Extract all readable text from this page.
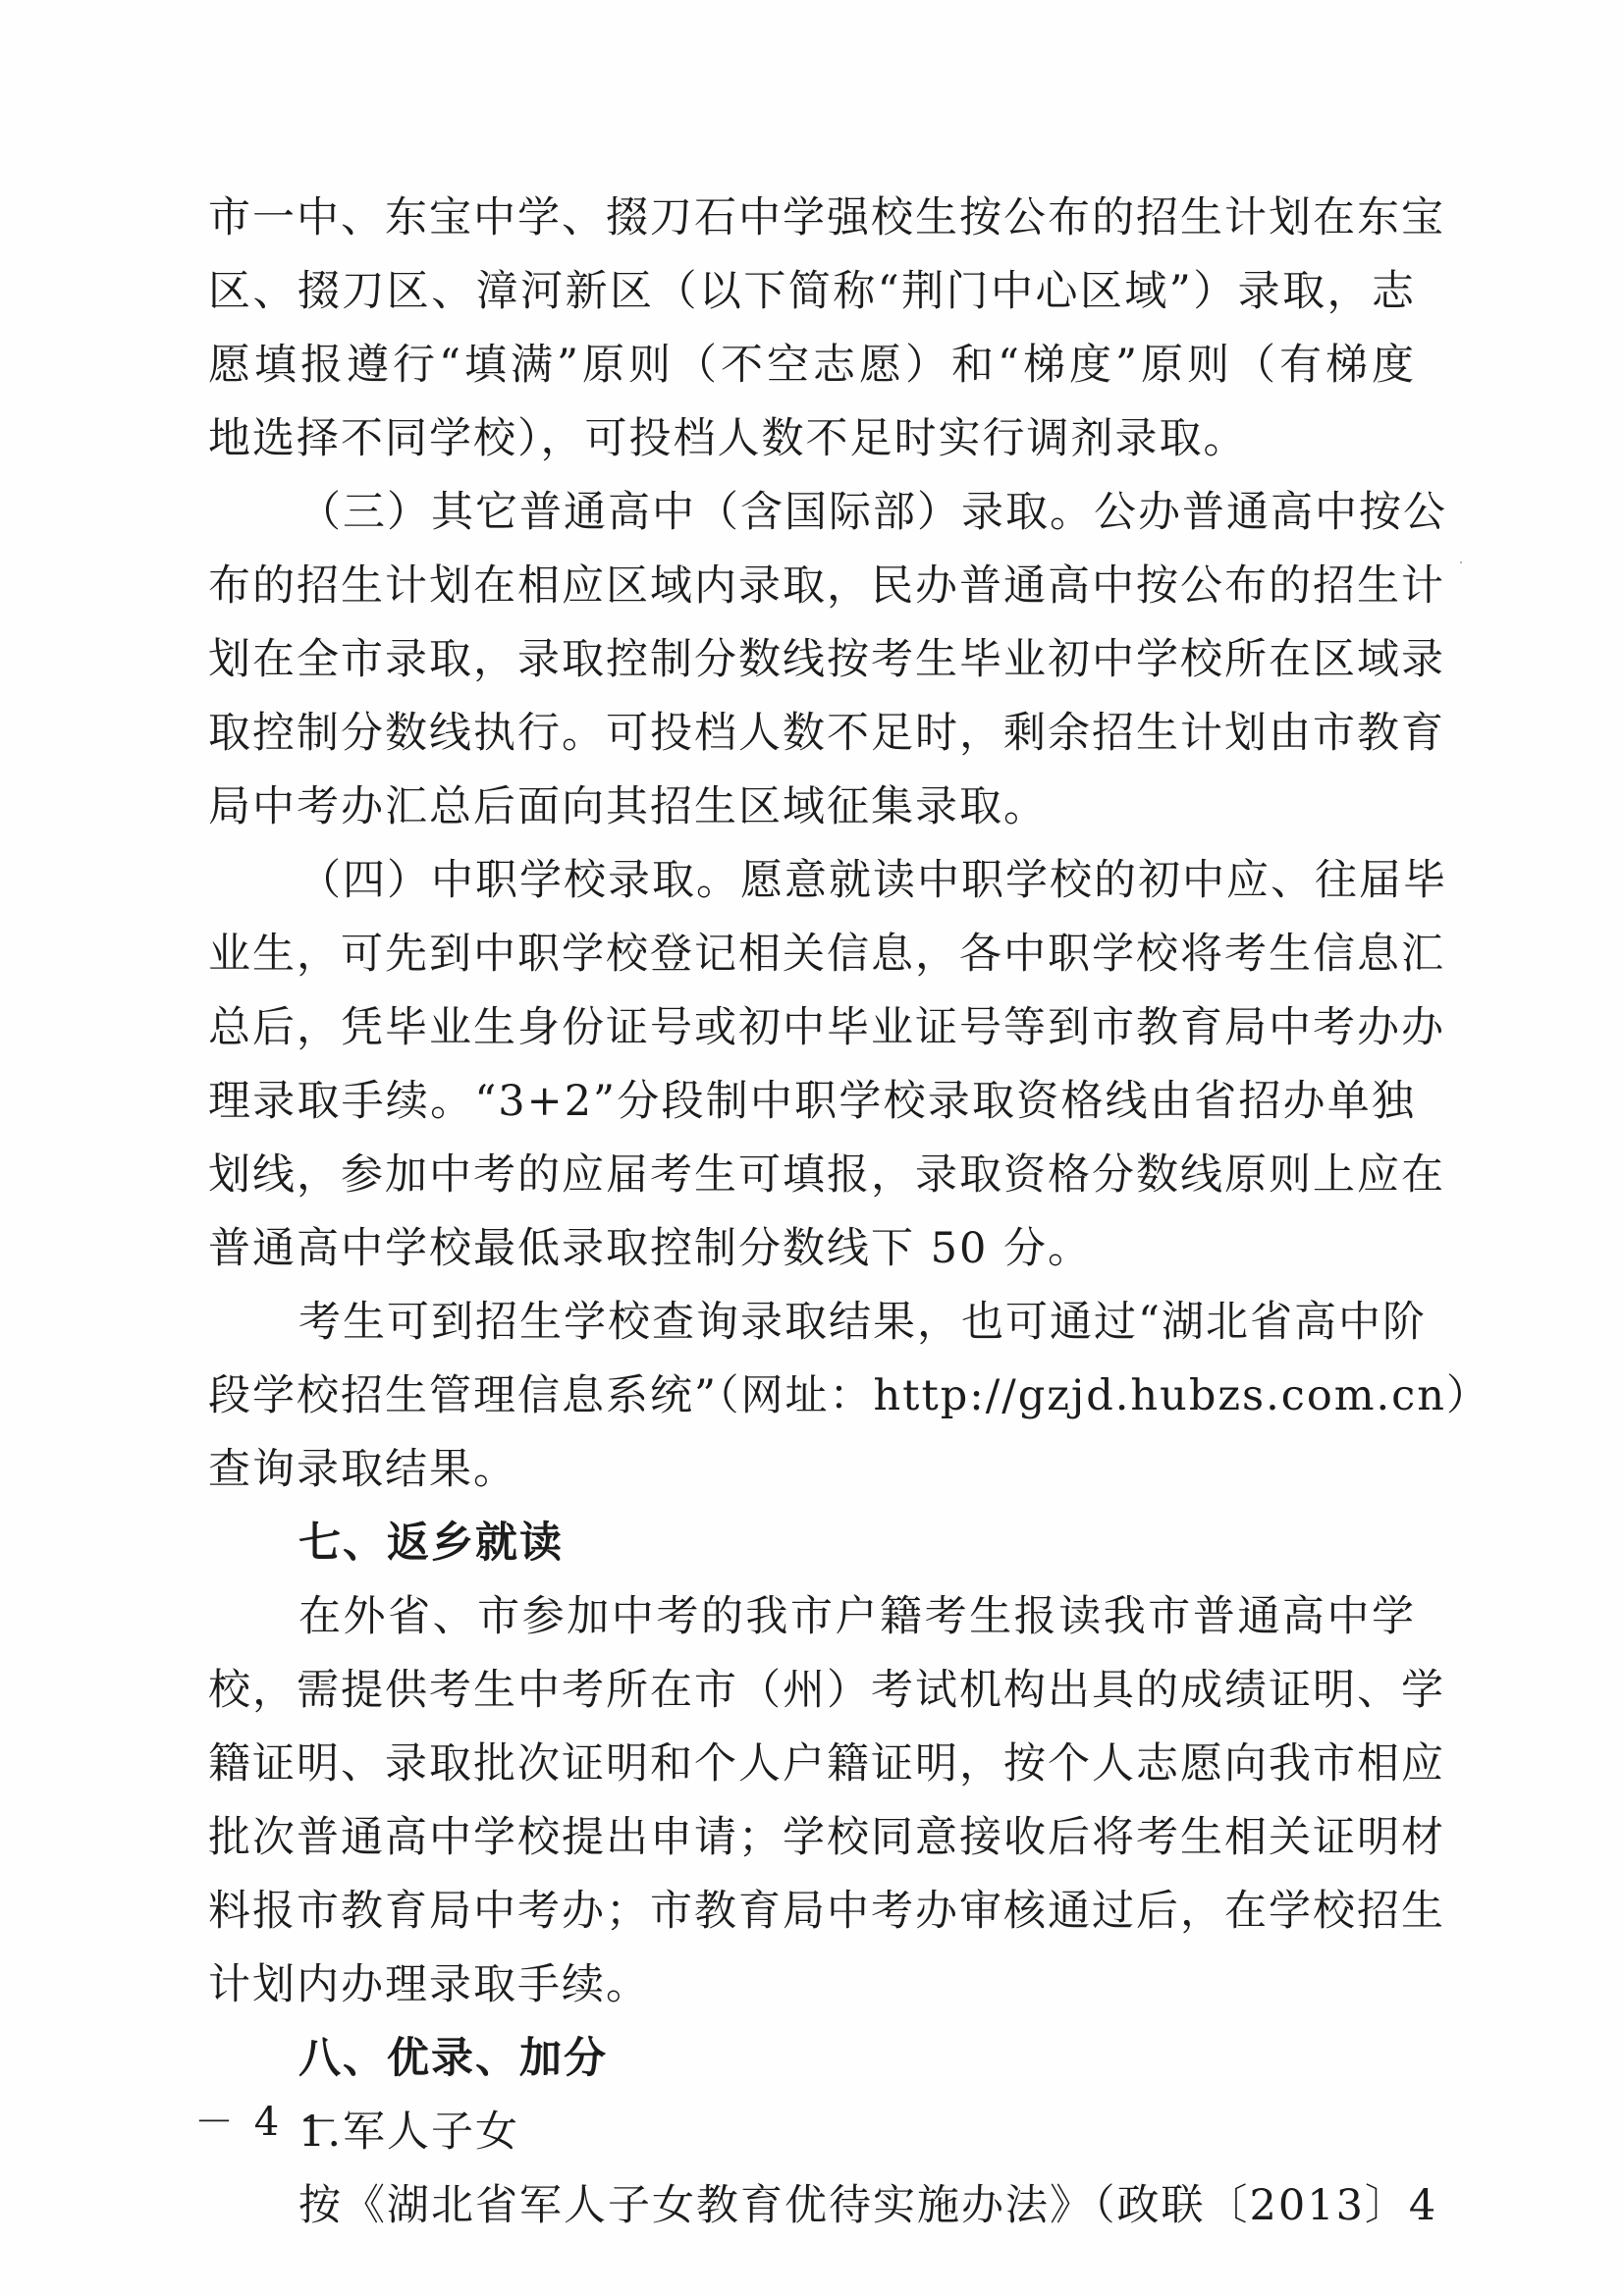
市一中、东宝中学、掇刀石中学强校生按公布的招生计划在东宝
区、掇刀区、漳河新区（以下简称“荆门中心区域”）录取，志
愿填报遵行“填满”原则（不空志愿）和“梯度”原则（有梯度
地选择不同学校），可投档人数不足时实行调剂录取。
（三）其它普通高中（含国际部）录取。公办普通高中按公
布的招生计划在相应区域内录取，民办普通高中按公布的招生计
划在全市录取，录取控制分数线按考生毕业初中学校所在区域录
取控制分数线执行。可投档人数不足时，剩余招生计划由市教育
局中考办汇总后面向其招生区域征集录取。
（四）中职学校录取。愿意就读中职学校的初中应、往届毕
业生，可先到中职学校登记相关信息，各中职学校将考生信息汇
总后，凭毕业生身份证号或初中毕业证号等到市教育局中考办办
理录取手续。“3+2”分段制中职学校录取资格线由省招办单独
划线，参加中考的应届考生可填报，录取资格分数线原则上应在
普通高中学校最低录取控制分数线下 50 分。
考生可到招生学校查询录取结果，也可通过“湖北省高中阶
段学校招生管理信息系统”（网址：http://gzjd.hubzs.com.cn）
查询录取结果。
七、返乡就读
在外省、市参加中考的我市户籍考生报读我市普通高中学
校，需提供考生中考所在市（州）考试机构出具的成绩证明、学
籍证明、录取批次证明和个人户籍证明，按个人志愿向我市相应
批次普通高中学校提出申请；学校同意接收后将考生相关证明材
料报市教育局中考办；市教育局中考办审核通过后，在学校招生
计划内办理录取手续。
八、优录、加分
1.军人子女
按《湖北省军人子女教育优待实施办法》（政联〔2013〕4
－ 4 －
